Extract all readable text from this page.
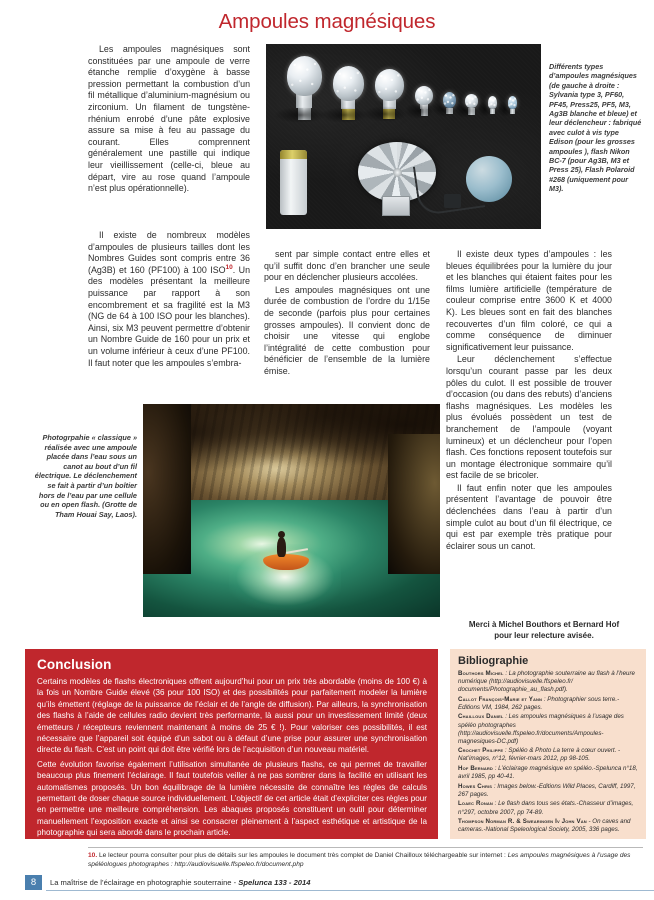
Ampoules magnésiques
Différents types d’ampoules magnésiques (de gauche à droite : Sylvania type 3, PF60, PF45, Press25, PF5, M3, Ag3B blanche et bleue) et leur déclencheur : fabriqué avec culot à vis type Edison (pour les grosses ampoules ), flash Nikon BC-7 (pour Ag3B, M3 et Press 25), Flash Polaroid #268 (uniquement pour M3).

Les ampoules magnésiques sont constituées par une ampoule de verre étanche remplie d’oxygène à basse pression permettant la combustion d’un fil métallique d’aluminium-magnésium ou zirconium. Un filament de tungstène-rhénium enrobé d’une pâte explosive assure sa mise à feu au passage du courant. Elles comprennent généralement une pastille qui indique leur vieillissement (celle-ci, bleue au départ, vire au rose quand l’ampoule n’est plus opérationnelle).

Il existe de nombreux modèles d’ampoules de plusieurs tailles dont les Nombres Guides sont compris entre 36 (Ag3B) et 160 (PF100) à 100 ISO$^{10}$. Un des modèles présentant la meilleure puissance par rapport à son encombrement et sa fragilité est la M3 (NG de 64 à 100 ISO pour les blanches). Ainsi, six M3 peuvent permettre d’obtenir un Nombre Guide de 160 pour un prix et un volume inférieur à ceux d’une PF100. Il faut noter que les ampoules s’embra-

sent par simple contact entre elles et qu’il suffit donc d’en brancher une seule pour en déclencher plusieurs accolées.

Les ampoules magnésiques ont une durée de combustion de l’ordre du 1/15e de seconde (parfois plus pour certaines grosses ampoules). Il convient donc de choisir une vitesse qui englobe l’intégralité de cette combustion pour bénéficier de l’ensemble de la lumière émise.

Il existe deux types d’ampoules : les bleues équilibrées pour la lumière du jour et les blanches qui étaient faites pour les films lumière artificielle (température de couleur comprise entre 3600 K et 4000 K). Les bleues sont en fait des blanches recouvertes d’un film coloré, ce qui a comme conséquence de diminuer significativement leur puissance.

Leur déclenchement s’effectue lorsqu’un courant passe par les deux pôles du culot. Il est possible de trouver d’occasion (ou dans des rebuts) d’anciens flashs magnésiques. Les modèles les plus évolués possèdent un test de branchement de l’ampoule (voyant lumineux) et un déclencheur pour l’open flash. Ces fonctions reposent toutefois sur un montage électronique sommaire qu’il est facile de se bricoler.

Il faut enfin noter que les ampoules présentent l’avantage de pouvoir être déclenchées dans l’eau à partir d’un simple culot au bout d’un fil électrique, ce qui est par exemple très pratique pour éclairer sous un canot.

Photogrpahie « classique » réalisée avec une ampoule placée dans l’eau sous un canot au bout d’un fil électrique. Le déclenchement se fait à partir d’un boîtier hors de l’eau par une cellule ou en open flash. (Grotte de Tham Houai Say, Laos).
Merci à Michel Bouthors et Bernard Hof
pour leur relecture avisée.
Conclusion

Certains modèles de flashs électroniques offrent aujourd’hui pour un prix très abordable (moins de 100 €) à la fois un Nombre Guide élevé (36 pour 100 ISO) et des possibilités pour parfaitement modeler la lumière qu’ils émettent (réglage de la puissance de l’éclair et de l’angle de diffusion). Par ailleurs, la synchronisation des flashs à l’aide de cellules radio devient très performante, là aussi pour un investissement limité (deux émetteurs / récepteurs reviennent maintenant à moins de 25 € !). Pour valoriser ces possibilités, il est nécessaire que l’appareil soit équipé d’un sabot ou à défaut d’une prise pour assurer une synchronisation directe du flash. C’est un point qui doit être vérifié lors de l’acquisition d’un nouveau matériel.

Cette évolution favorise également l’utilisation simultanée de plusieurs flashs, ce qui permet de travailler beaucoup plus finement l’éclairage. Il faut toutefois veiller à ne pas sombrer dans la facilité en utilisant les automatismes proposés. Un bon équilibrage de la lumière nécessite de connaître les règles de calculs permettant de doser chaque source individuellement. L’objectif de cet article était d’expliciter ces règles pour en permettre une meilleure compréhension. Les abaques proposés constituent un outil pour déterminer manuellement l’exposition exacte et ainsi se consacrer pleinement à l’aspect esthétique et artistique de la photographie qui sera abordé dans le prochain article.

Bibliographie
Bouthors Michel : La photographie souterraine au flash à l’heure numérique (http://audiovisuelle.ffspeleo.fr/ documents/Photographie_au_flash.pdf).
Callot François-Marie et Yann : Photographier sous terre.- Editions VM, 1984, 262 pages.
Chailloux Daniel : Les ampoules magnésiques à l’usage des spéléo photographes (http://audiovisuelle.ffspeleo.fr/documents/Ampoules-magnesiques-DC.pdf)
Crochet Philippe : Spéléo & Photo La terre à cœur ouvert. - Nat’images, n°12, février-mars 2012, pp 98-105.
Hof Bernard : L’éclairage magnésique en spéléo.-Spelunca n°18, avril 1985, pp 40-41.
Howes Chris : Images below.-Editions Wild Places, Cardiff, 1997, 267 pages.
Loaec Ronan : Le flash dans tous ses états.-Chasseur d’images, n°297, octobre 2007, pp 74-89.
Thompson Norman R. & Swearingen Iv John Van - On caves and cameras.-National Speleological Society, 2005, 336 pages.
10. Le lecteur pourra consulter pour plus de détails sur les ampoules le document très complet de Daniel Chailloux téléchargeable sur internet : Les ampoules magnésiques à l’usage des spéléologues photographes : http://audiovisuelle.ffspeleo.fr/document.php
8	La maîtrise de l’éclairage en photographie souterraine - Spelunca 133 - 2014
